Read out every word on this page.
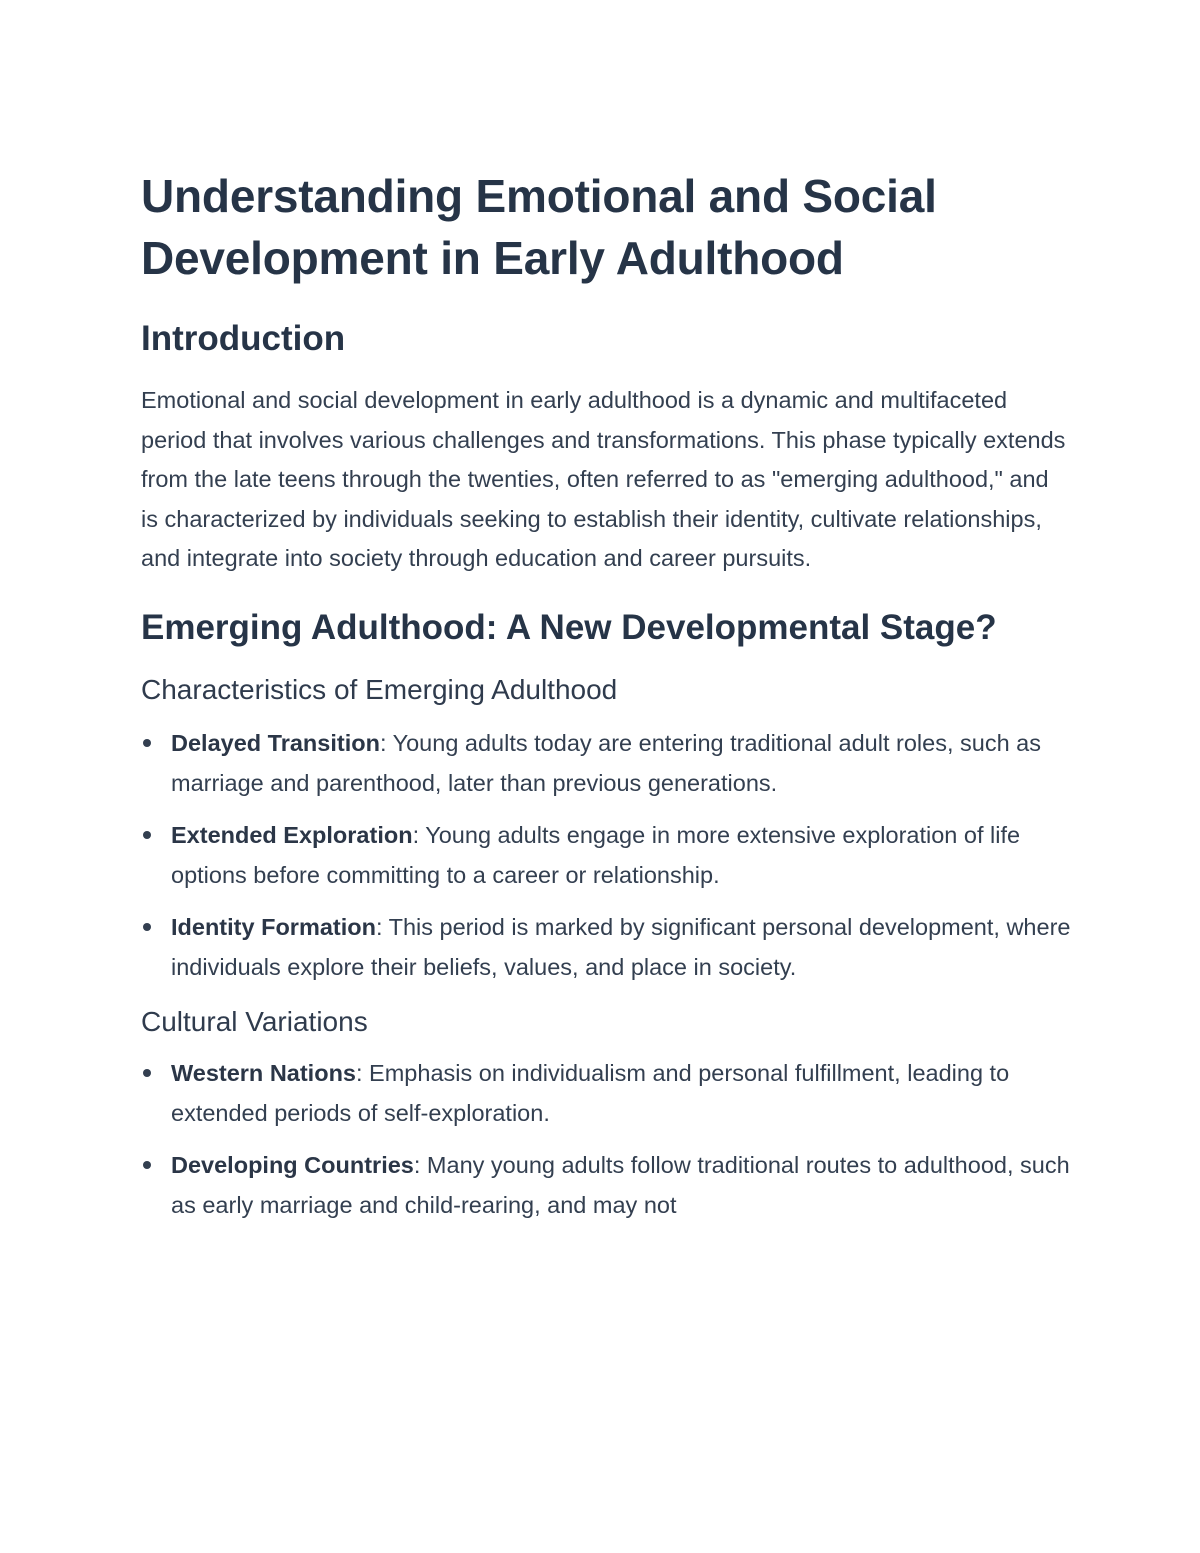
Understanding Emotional and Social Development in Early Adulthood
Introduction

Emotional and social development in early adulthood is a dynamic and multifaceted period that involves various challenges and transformations. This phase typically extends from the late teens through the twenties, often referred to as "emerging adulthood," and is characterized by individuals seeking to establish their identity, cultivate relationships, and integrate into society through education and career pursuits.

Emerging Adulthood: A New Developmental Stage?
Characteristics of Emerging Adulthood
Delayed Transition: Young adults today are entering traditional adult roles, such as marriage and parenthood, later than previous generations.
Extended Exploration: Young adults engage in more extensive exploration of life options before committing to a career or relationship.
Identity Formation: This period is marked by significant personal development, where individuals explore their beliefs, values, and place in society.
Cultural Variations
Western Nations: Emphasis on individualism and personal fulfillment, leading to extended periods of self-exploration.
Developing Countries: Many young adults follow traditional routes to adulthood, such as early marriage and child-rearing, and may not
